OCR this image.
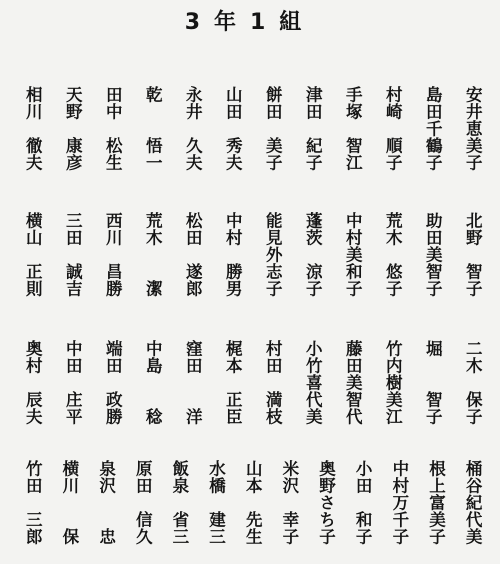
3年1組
安井恵美子
島田千鶴子
村崎　順子
手塚　智江
津田　紀子
餅田　美子
山田　秀夫
永井　久夫
乾　　悟一
田中　松生
天野　康彦
相川　徹夫
北野　智子
助田美智子
荒木　悠子
中村美和子
蓬茨　涼子
能見外志子
中村　勝男
松田　遂郎
荒木　　潔
西川　昌勝
三田　誠吉
横山　正則
二木　保子
堀　　智子
竹内樹美江
藤田美智代
小竹喜代美
村田　満枝
梶本　正臣
窪田　　洋
中島　　稔
端田　政勝
中田　庄平
奥村　辰夫
桶谷紀代美
根上富美子
中村万千子
小田　和子
奥野さち子
米沢　幸子
山本　先生
水橋　建三
飯泉　省三
原田　信久
泉沢　　忠
横川　　保
竹田　三郎
